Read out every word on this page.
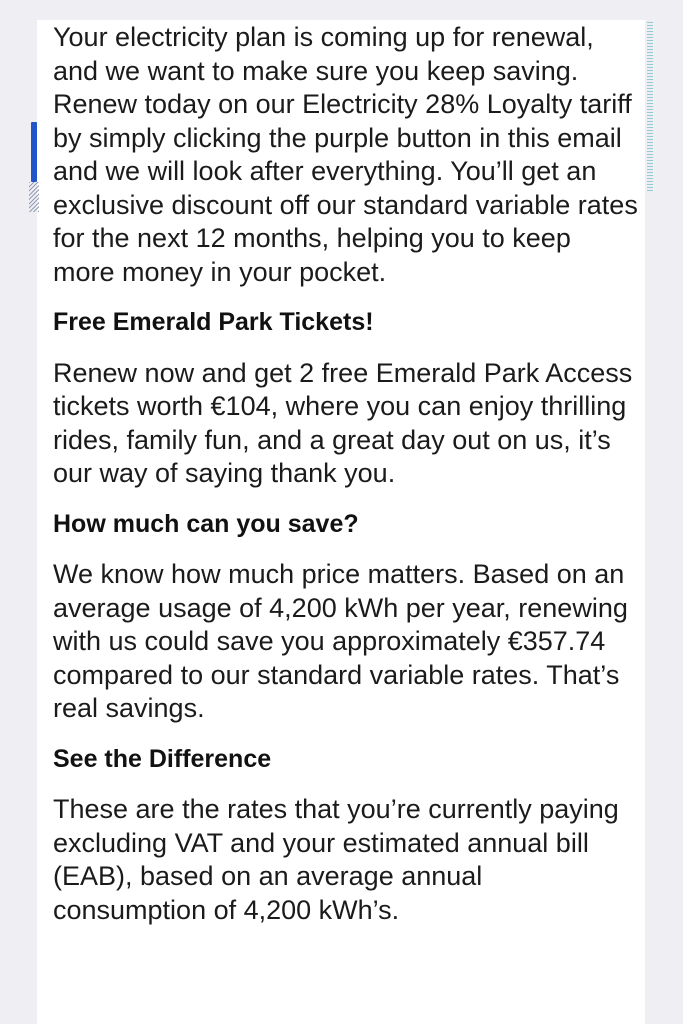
Your electricity plan is coming up for renewal, and we want to make sure you keep saving. Renew today on our Electricity 28% Loyalty tariff by simply clicking the purple button in this email and we will look after everything. You’ll get an exclusive discount off our standard variable rates for the next 12 months, helping you to keep more money in your pocket.

Free Emerald Park Tickets!

Renew now and get 2 free Emerald Park Access tickets worth €104, where you can enjoy thrilling rides, family fun, and a great day out on us, it’s our way of saying thank you.

How much can you save?

We know how much price matters. Based on an average usage of 4,200 kWh per year, renewing with us could save you approximately €357.74 compared to our standard variable rates. That’s real savings.

See the Difference

These are the rates that you’re currently paying excluding VAT and your estimated annual bill (EAB), based on an average annual consumption of 4,200 kWh’s.
